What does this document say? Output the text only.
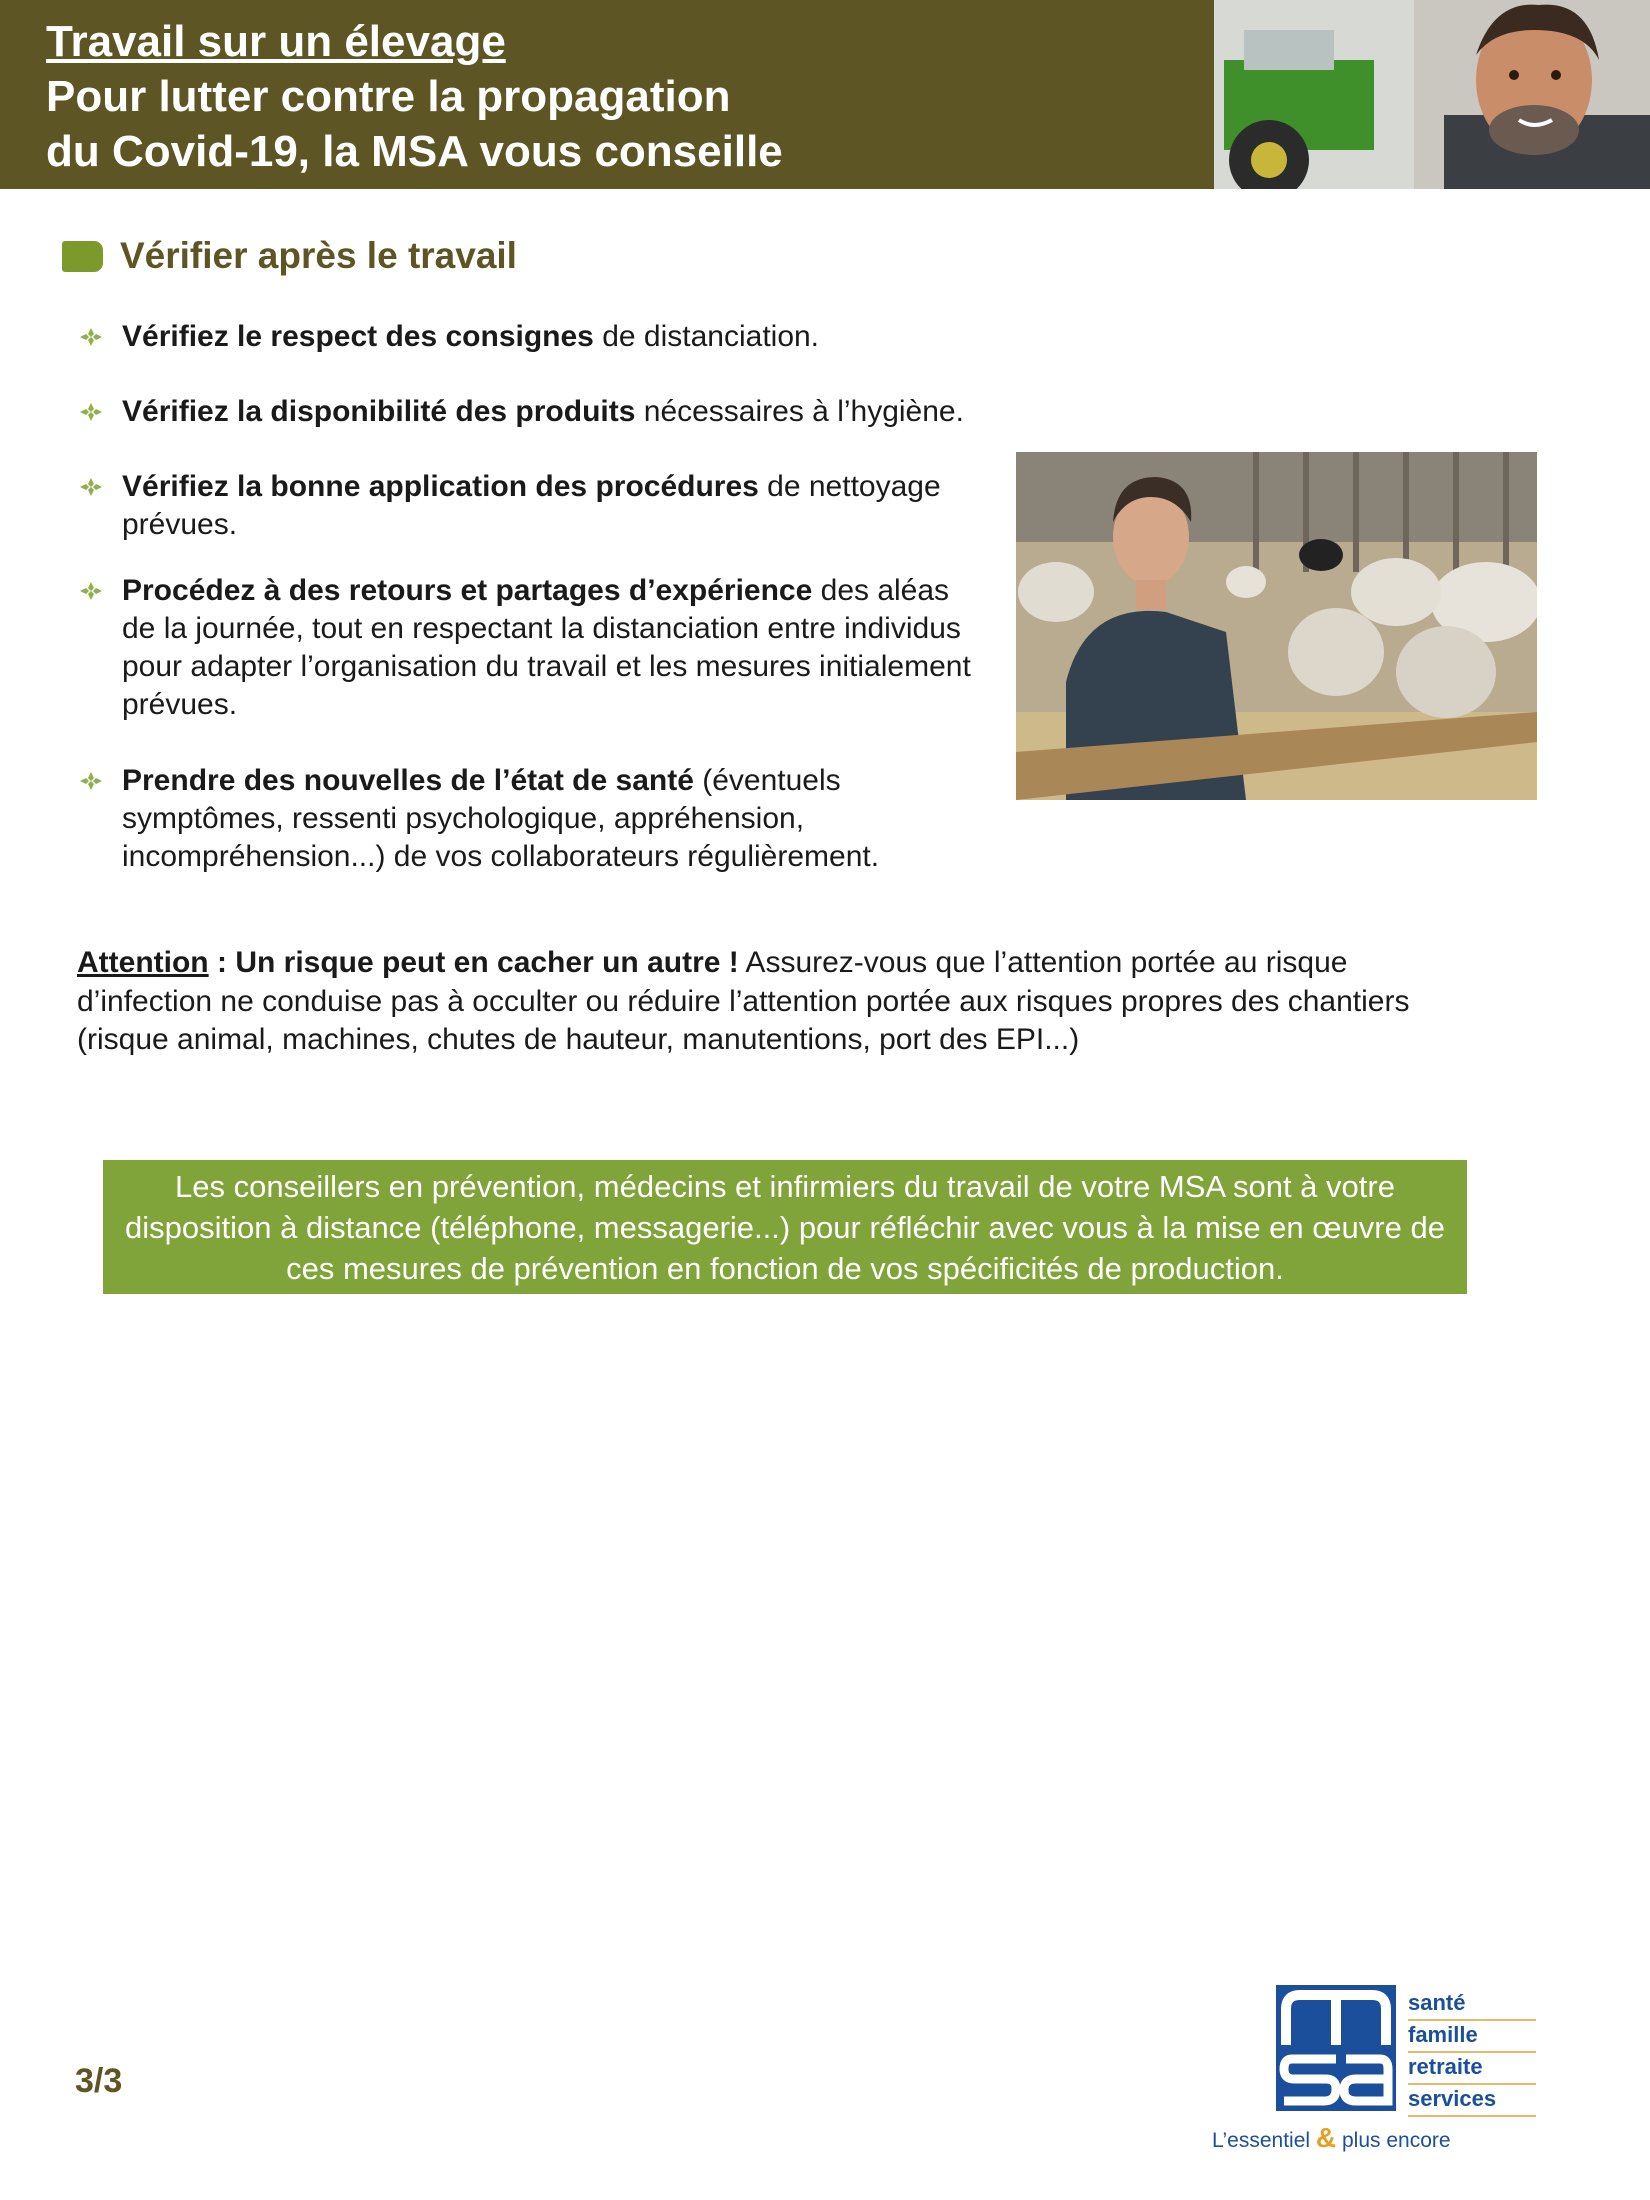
Travail sur un élevage
Pour lutter contre la propagation
du Covid-19, la MSA vous conseille
Vérifier après le travail
Vérifiez le respect des consignes de distanciation.
Vérifiez la disponibilité des produits nécessaires à l’hygiène.
Vérifiez la bonne application des procédures de nettoyage prévues.
Procédez à des retours et partages d’expérience des aléas de la journée, tout en respectant la distanciation entre individus pour adapter l’organisation du travail et les mesures initialement prévues.
Prendre des nouvelles de l’état de santé (éventuels symptômes, ressenti psychologique, appréhension, incompréhension...) de vos collaborateurs régulièrement.
Attention : Un risque peut en cacher un autre ! Assurez-vous que l’attention portée au risque d’infection ne conduise pas à occulter ou réduire l’attention portée aux risques propres des chantiers (risque animal, machines, chutes de hauteur, manutentions, port des EPI...)
Les conseillers en prévention, médecins et infirmiers du travail de votre MSA sont à votre disposition à distance (téléphone, messagerie...) pour réfléchir avec vous à la mise en œuvre de ces mesures de prévention en fonction de vos spécificités de production.
3/3
santé
famille
retraite
services
L’essentiel & plus encore
